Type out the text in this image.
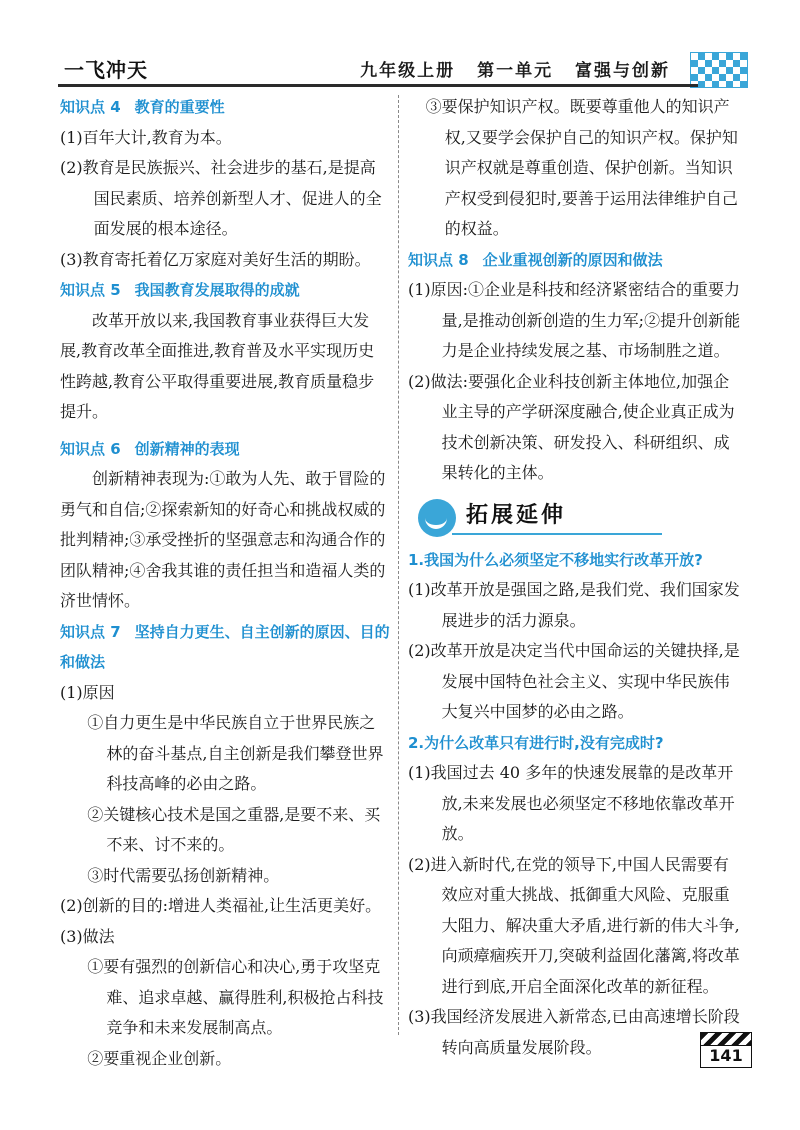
一飞冲天	九年级上册 第一单元 富强与创新

知识点 4 教育的重要性

(1)百年大计,教育为本。

(2)教育是民族振兴、社会进步的基石,是提高国民素质、培养创新型人才、促进人的全面发展的根本途径。

(3)教育寄托着亿万家庭对美好生活的期盼。

知识点 5 我国教育发展取得的成就

改革开放以来,我国教育事业获得巨大发展,教育改革全面推进,教育普及水平实现历史性跨越,教育公平取得重要进展,教育质量稳步提升。

知识点 6 创新精神的表现

创新精神表现为:①敢为人先、敢于冒险的勇气和自信;②探索新知的好奇心和挑战权威的批判精神;③承受挫折的坚强意志和沟通合作的团队精神;④舍我其谁的责任担当和造福人类的济世情怀。

知识点 7 坚持自力更生、自主创新的原因、目的和做法

(1)原因

①自力更生是中华民族自立于世界民族之林的奋斗基点,自主创新是我们攀登世界科技高峰的必由之路。

②关键核心技术是国之重器,是要不来、买不来、讨不来的。

③时代需要弘扬创新精神。

(2)创新的目的:增进人类福祉,让生活更美好。

(3)做法

①要有强烈的创新信心和决心,勇于攻坚克难、追求卓越、赢得胜利,积极抢占科技竞争和未来发展制高点。

②要重视企业创新。

③要保护知识产权。既要尊重他人的知识产权,又要学会保护自己的知识产权。保护知识产权就是尊重创造、保护创新。当知识产权受到侵犯时,要善于运用法律维护自己的权益。

知识点 8 企业重视创新的原因和做法

(1)原因:①企业是科技和经济紧密结合的重要力量,是推动创新创造的生力军;②提升创新能力是企业持续发展之基、市场制胜之道。

(2)做法:要强化企业科技创新主体地位,加强企业主导的产学研深度融合,使企业真正成为技术创新决策、研发投入、科研组织、成果转化的主体。

拓展延伸

1.我国为什么必须坚定不移地实行改革开放?

(1)改革开放是强国之路,是我们党、我们国家发展进步的活力源泉。

(2)改革开放是决定当代中国命运的关键抉择,是发展中国特色社会主义、实现中华民族伟大复兴中国梦的必由之路。

2.为什么改革只有进行时,没有完成时?

(1)我国过去 40 多年的快速发展靠的是改革开放,未来发展也必须坚定不移地依靠改革开放。

(2)进入新时代,在党的领导下,中国人民需要有效应对重大挑战、抵御重大风险、克服重大阻力、解决重大矛盾,进行新的伟大斗争,向顽瘴痼疾开刀,突破利益固化藩篱,将改革进行到底,开启全面深化改革的新征程。

(3)我国经济发展进入新常态,已由高速增长阶段转向高质量发展阶段。	141
